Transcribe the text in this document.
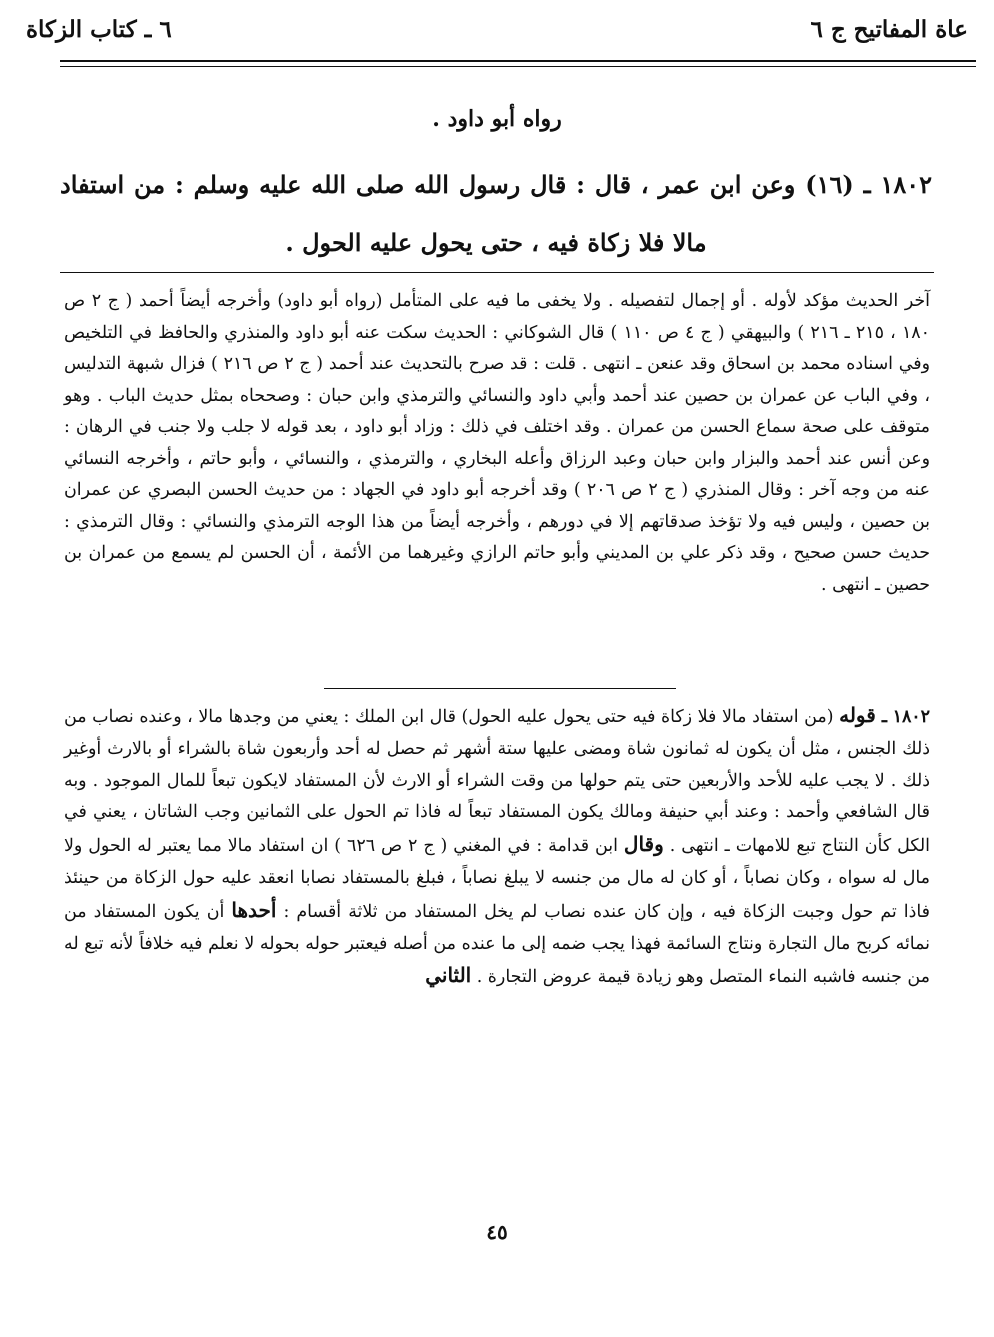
عاة المفاتيح ج ٦
٦ ـ كتاب الزكاة
رواه أبو داود .
١٨٠٢ ـ (١٦) وعن ابن عمر ، قال : قال رسول الله صلى الله عليه وسلم : من استفاد مالا فلا زكاة فيه ، حتى يحول عليه الحول .
آخر الحديث مؤكد لأوله . أو إجمال لتفصيله . ولا يخفى ما فيه على المتأمل (رواه أبو داود) وأخرجه أيضاً أحمد ( ج ٢ ص ١٨٠ ، ٢١٥ ـ ٢١٦ ) والبيهقي ( ج ٤ ص ١١٠ ) قال الشوكاني : الحديث سكت عنه أبو داود والمنذري والحافظ في التلخيص وفي اسناده محمد بن اسحاق وقد عنعن ـ انتهى . قلت : قد صرح بالتحديث عند أحمد ( ج ٢ ص ٢١٦ ) فزال شبهة التدليس ، وفي الباب عن عمران بن حصين عند أحمد وأبي داود والنسائي والترمذي وابن حبان : وصححاه بمثل حديث الباب . وهو متوقف على صحة سماع الحسن من عمران . وقد اختلف في ذلك : وزاد أبو داود ، بعد قوله لا جلب ولا جنب في الرهان : وعن أنس عند أحمد والبزار وابن حبان وعبد الرزاق وأعله البخاري ، والترمذي ، والنسائي ، وأبو حاتم ، وأخرجه النسائي عنه من وجه آخر : وقال المنذري ( ج ٢ ص ٢٠٦ ) وقد أخرجه أبو داود في الجهاد : من حديث الحسن البصري عن عمران بن حصين ، وليس فيه ولا تؤخذ صدقاتهم إلا في دورهم ، وأخرجه أيضاً من هذا الوجه الترمذي والنسائي : وقال الترمذي : حديث حسن صحيح ، وقد ذكر علي بن المديني وأبو حاتم الرازي وغيرهما من الأئمة ، أن الحسن لم يسمع من عمران بن حصين ـ انتهى .
١٨٠٢ ـ قوله (من استفاد مالا فلا زكاة فيه حتى يحول عليه الحول) قال ابن الملك : يعني من وجدها مالا ، وعنده نصاب من ذلك الجنس ، مثل أن يكون له ثمانون شاة ومضى عليها ستة أشهر ثم حصل له أحد وأربعون شاة بالشراء أو بالارث أوغير ذلك . لا يجب عليه للأحد والأربعين حتى يتم حولها من وقت الشراء أو الارث لأن المستفاد لايكون تبعاً للمال الموجود . وبه قال الشافعي وأحمد : وعند أبي حنيفة ومالك يكون المستفاد تبعاً له فاذا تم الحول على الثمانين وجب الشاتان ، يعني في الكل كأن النتاج تبع للامهات ـ انتهى . وقال ابن قدامة : في المغني ( ج ٢ ص ٦٢٦ ) ان استفاد مالا مما يعتبر له الحول ولا مال له سواه ، وكان نصاباً ، أو كان له مال من جنسه لا يبلغ نصاباً ، فبلغ بالمستفاد نصابا انعقد عليه حول الزكاة من حينئذ فاذا تم حول وجبت الزكاة فيه ، وإن كان عنده نصاب لم يخل المستفاد من ثلاثة أقسام : أحدها أن يكون المستفاد من نمائه كربح مال التجارة ونتاج السائمة فهذا يجب ضمه إلى ما عنده من أصله فيعتبر حوله بحوله لا نعلم فيه خلافاً لأنه تبع له من جنسه فاشبه النماء المتصل وهو زيادة قيمة عروض التجارة . الثاني
٤٥
